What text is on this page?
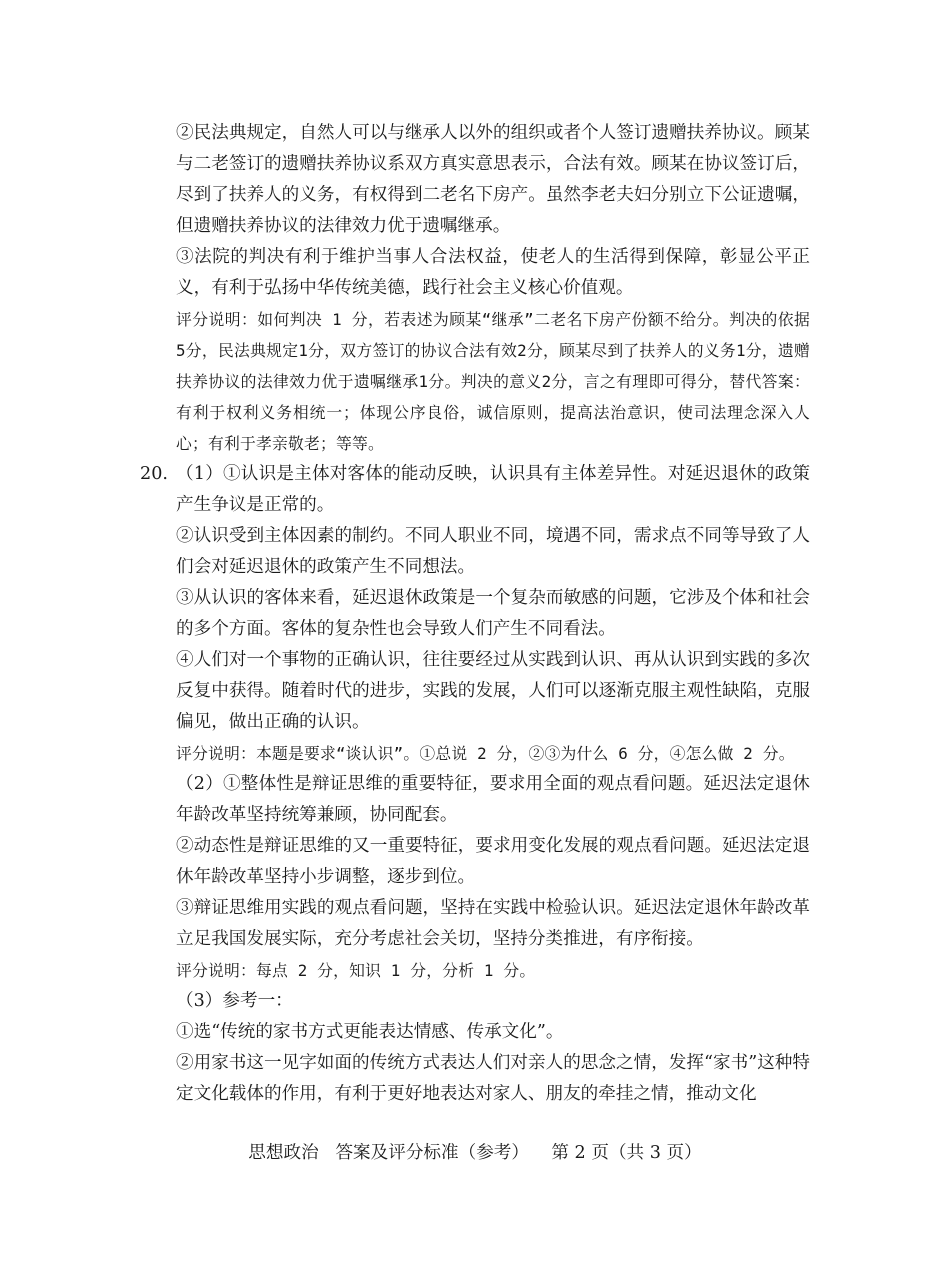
②民法典规定，自然人可以与继承人以外的组织或者个人签订遗赠扶养协议。顾某与二老签订的遗赠扶养协议系双方真实意思表示，合法有效。顾某在协议签订后，尽到了扶养人的义务，有权得到二老名下房产。虽然李老夫妇分别立下公证遗嘱，但遗赠扶养协议的法律效力优于遗嘱继承。

③法院的判决有利于维护当事人合法权益，使老人的生活得到保障，彰显公平正义，有利于弘扬中华传统美德，践行社会主义核心价值观。

评分说明：如何判决 1 分，若表述为顾某“继承”二老名下房产份额不给分。判决的依据5分，民法典规定1分，双方签订的协议合法有效2分，顾某尽到了扶养人的义务1分，遗赠扶养协议的法律效力优于遗嘱继承1分。判决的意义2分，言之有理即可得分，替代答案：有利于权利义务相统一；体现公序良俗，诚信原则，提高法治意识，使司法理念深入人心；有利于孝亲敬老；等等。

20. （1）①认识是主体对客体的能动反映，认识具有主体差异性。对延迟退休的政策产生争议是正常的。

②认识受到主体因素的制约。不同人职业不同，境遇不同，需求点不同等导致了人们会对延迟退休的政策产生不同想法。

③从认识的客体来看，延迟退休政策是一个复杂而敏感的问题，它涉及个体和社会的多个方面。客体的复杂性也会导致人们产生不同看法。

④人们对一个事物的正确认识，往往要经过从实践到认识、再从认识到实践的多次反复中获得。随着时代的进步，实践的发展，人们可以逐渐克服主观性缺陷，克服偏见，做出正确的认识。

评分说明：本题是要求“谈认识”。①总说 2 分，②③为什么 6 分，④怎么做 2 分。

（2）①整体性是辩证思维的重要特征，要求用全面的观点看问题。延迟法定退休年龄改革坚持统筹兼顾，协同配套。

②动态性是辩证思维的又一重要特征，要求用变化发展的观点看问题。延迟法定退休年龄改革坚持小步调整，逐步到位。

③辩证思维用实践的观点看问题，坚持在实践中检验认识。延迟法定退休年龄改革立足我国发展实际，充分考虑社会关切，坚持分类推进，有序衔接。

评分说明：每点 2 分，知识 1 分，分析 1 分。

（3）参考一：

①选“传统的家书方式更能表达情感、传承文化”。

②用家书这一见字如面的传统方式表达人们对亲人的思念之情，发挥“家书”这种特定文化载体的作用，有利于更好地表达对家人、朋友的牵挂之情，推动文化

思想政治 答案及评分标准（参考） 第 2 页（共 3 页）
